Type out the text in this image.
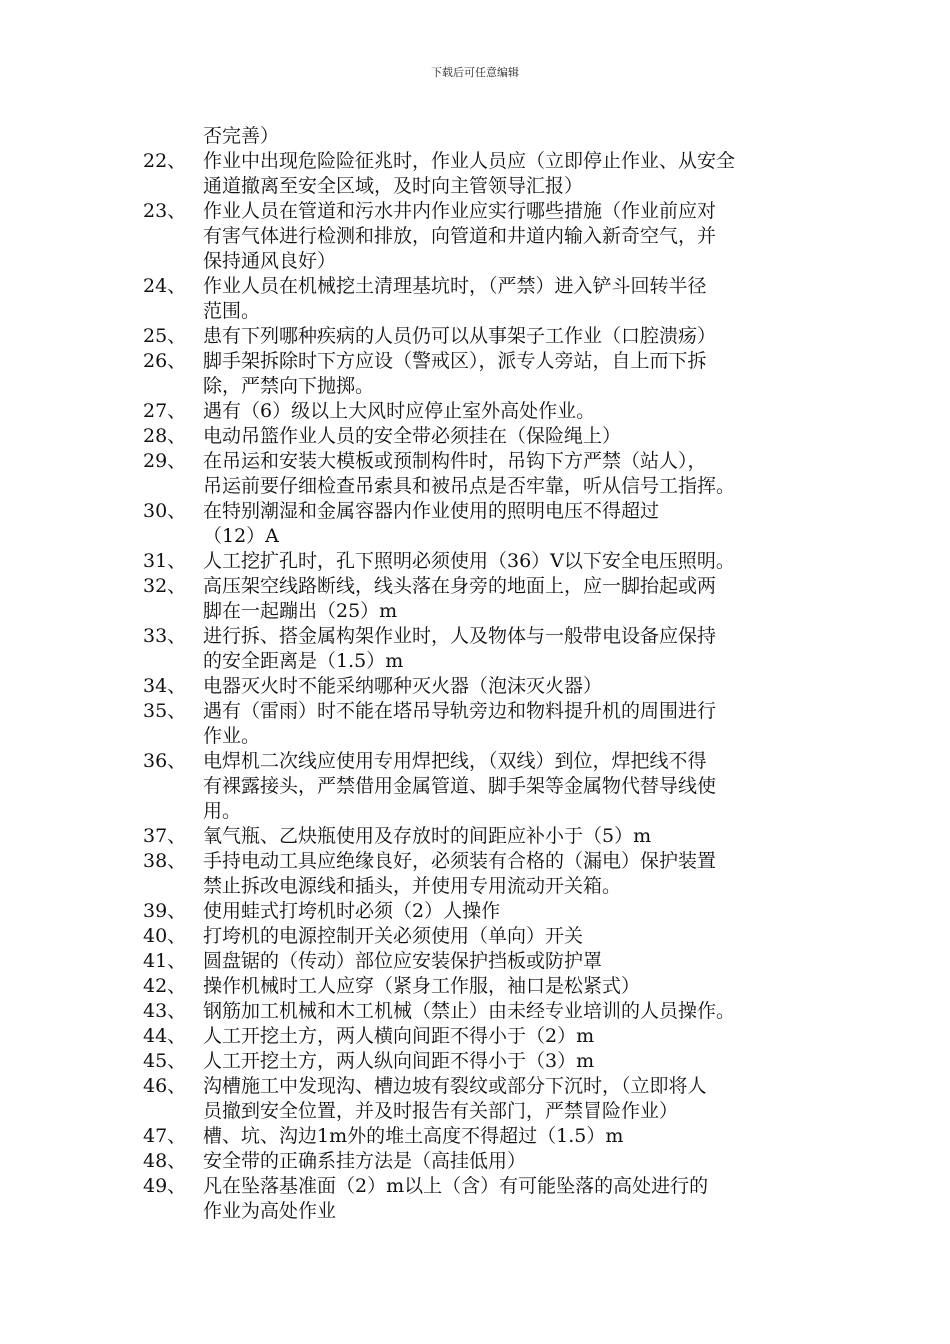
下载后可任意编辑
否完善）
22、 作业中出现危险险征兆时，作业人员应（立即停止作业、从安全
通道撤离至安全区域，及时向主管领导汇报）
23、 作业人员在管道和污水井内作业应实行哪些措施（作业前应对
有害气体进行检测和排放，向管道和井道内输入新奇空气，并
保持通风良好）
24、 作业人员在机械挖土清理基坑时，（严禁）进入铲斗回转半径
范围。
25、 患有下列哪种疾病的人员仍可以从事架子工作业（口腔溃疡）
26、 脚手架拆除时下方应设（警戒区），派专人旁站，自上而下拆
除，严禁向下抛掷。
27、 遇有（6）级以上大风时应停止室外高处作业。
28、 电动吊篮作业人员的安全带必须挂在（保险绳上）
29、 在吊运和安装大模板或预制构件时，吊钩下方严禁（站人），
吊运前要仔细检查吊索具和被吊点是否牢靠，听从信号工指挥。
30、 在特别潮湿和金属容器内作业使用的照明电压不得超过
（12）A
31、 人工挖扩孔时，孔下照明必须使用（36）V以下安全电压照明。
32、 高压架空线路断线，线头落在身旁的地面上，应一脚抬起或两
脚在一起蹦出（25）m
33、 进行拆、搭金属构架作业时，人及物体与一般带电设备应保持
的安全距离是（1.5）m
34、 电器灭火时不能采纳哪种灭火器（泡沫灭火器）
35、 遇有（雷雨）时不能在塔吊导轨旁边和物料提升机的周围进行
作业。
36、 电焊机二次线应使用专用焊把线，（双线）到位，焊把线不得
有裸露接头，严禁借用金属管道、脚手架等金属物代替导线使
用。
37、 氧气瓶、乙炔瓶使用及存放时的间距应补小于（5）m
38、 手持电动工具应绝缘良好，必须装有合格的（漏电）保护装置
禁止拆改电源线和插头，并使用专用流动开关箱。
39、 使用蛙式打垮机时必须（2）人操作
40、 打垮机的电源控制开关必须使用（单向）开关
41、 圆盘锯的（传动）部位应安装保护挡板或防护罩
42、 操作机械时工人应穿（紧身工作服，袖口是松紧式）
43、 钢筋加工机械和木工机械（禁止）由未经专业培训的人员操作。
44、 人工开挖土方，两人横向间距不得小于（2）m
45、 人工开挖土方，两人纵向间距不得小于（3）m
46、 沟槽施工中发现沟、槽边坡有裂纹或部分下沉时，（立即将人
员撤到安全位置，并及时报告有关部门，严禁冒险作业）
47、 槽、坑、沟边1m外的堆土高度不得超过（1.5）m
48、 安全带的正确系挂方法是（高挂低用）
49、 凡在坠落基准面（2）m以上（含）有可能坠落的高处进行的
作业为高处作业
